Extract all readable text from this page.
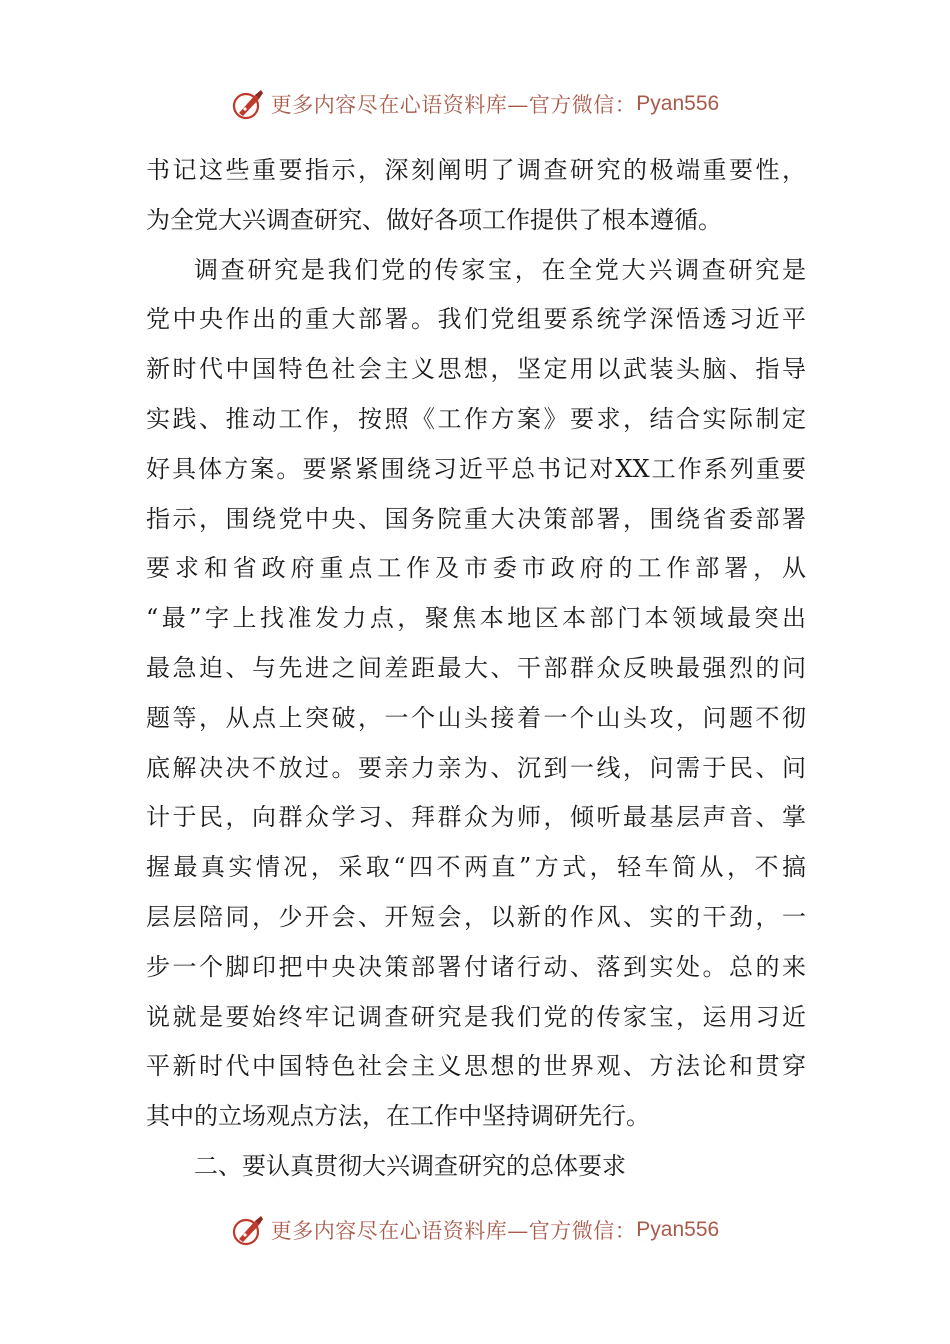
更多内容尽在心语资料库—官方微信： Pyan556
书记这些重要指示，深刻阐明了调查研究的极端重要性，
为全党大兴调查研究、做好各项工作提供了根本遵循。
调查研究是我们党的传家宝，在全党大兴调查研究是
党中央作出的重大部署。我们党组要系统学深悟透习近平
新时代中国特色社会主义思想，坚定用以武装头脑、指导
实践、推动工作，按照《工作方案》要求，结合实际制定
好具体方案。要紧紧围绕习近平总书记对XX工作系列重要
指示，围绕党中央、国务院重大决策部署，围绕省委部署
要求和省政府重点工作及市委市政府的工作部署，从
“最”字上找准发力点，聚焦本地区本部门本领域最突出
最急迫、与先进之间差距最大、干部群众反映最强烈的问
题等，从点上突破，一个山头接着一个山头攻，问题不彻
底解决决不放过。要亲力亲为、沉到一线，问需于民、问
计于民，向群众学习、拜群众为师，倾听最基层声音、掌
握最真实情况，采取“四不两直”方式，轻车简从，不搞
层层陪同，少开会、开短会，以新的作风、实的干劲，一
步一个脚印把中央决策部署付诸行动、落到实处。总的来
说就是要始终牢记调查研究是我们党的传家宝，运用习近
平新时代中国特色社会主义思想的世界观、方法论和贯穿
其中的立场观点方法，在工作中坚持调研先行。
二、要认真贯彻大兴调查研究的总体要求
更多内容尽在心语资料库—官方微信： Pyan556
